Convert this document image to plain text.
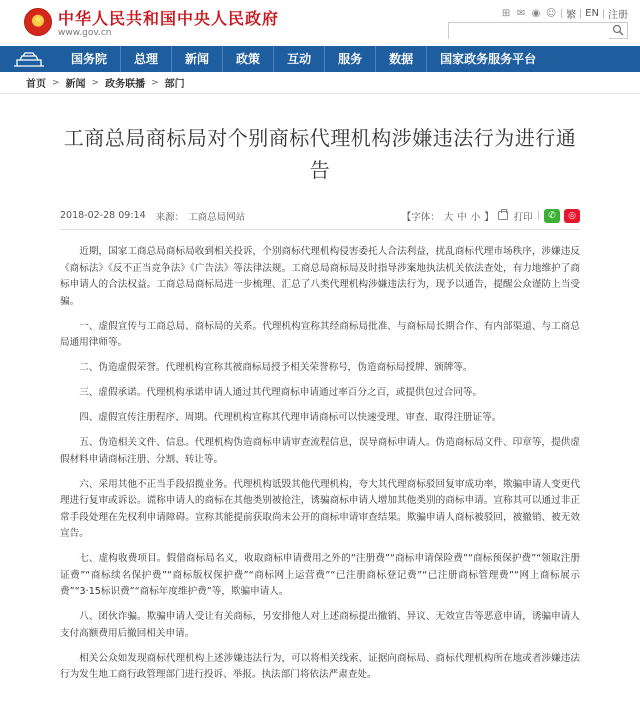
★
中华人民共和国中央人民政府
www.gov.cn
⊞ ✉ ◉ ☺ | 繁 | EN | 注册
国务院	总理	新闻	政策	互动	服务	数据	国家政务服务平台
首页 > 新闻 > 政务联播 > 部门
工商总局商标局对个别商标代理机构涉嫌违法行为进行通告
2018-02-28 09:14 来源： 工商总局网站	【字体： 大 中 小 】 打印 | ✆	◎

近期，国家工商总局商标局收到相关投诉，个别商标代理机构侵害委托人合法利益，扰乱商标代理市场秩序，涉嫌违反《商标法》《反不正当竞争法》《广告法》等法律法规。工商总局商标局及时指导涉案地执法机关依法查处，有力地维护了商标申请人的合法权益。工商总局商标局进一步梳理、汇总了八类代理机构涉嫌违法行为，现予以通告，提醒公众谨防上当受骗。

一、虚假宣传与工商总局、商标局的关系。代理机构宣称其经商标局批准、与商标局长期合作、有内部渠道、与工商总局通用律师等。

二、伪造虚假荣誉。代理机构宣称其被商标局授予相关荣誉称号，伪造商标局授牌、颁牌等。

三、虚假承诺。代理机构承诺申请人通过其代理商标申请通过率百分之百，或提供包过合同等。

四、虚假宣传注册程序、周期。代理机构宣称其代理申请商标可以快速受理、审查、取得注册证等。

五、伪造相关文件、信息。代理机构伪造商标申请审查流程信息，误导商标申请人。伪造商标局文件、印章等，提供虚假材料申请商标注册、分割、转让等。

六、采用其他不正当手段招揽业务。代理机构诋毁其他代理机构，夸大其代理商标驳回复审成功率，欺骗申请人变更代理进行复审或诉讼。谎称申请人的商标在其他类别被抢注，诱骗商标申请人增加其他类别的商标申请。宣称其可以通过非正常手段处理在先权利申请障碍。宣称其能提前获取尚未公开的商标申请审查结果。欺骗申请人商标被驳回，被撤销、被无效宣告。

七、虚构收费项目。假借商标局名义，收取商标申请费用之外的“注册费”“商标申请保险费”“商标预保护费”“领取注册证费”“商标续名保护费”“商标版权保护费”“商标网上运营费”“已注册商标登记费”“已注册商标管理费”“网上商标展示费”“3·15标识费”“商标年度维护费”等，欺骗申请人。

八、团伙诈骗。欺骗申请人受让有关商标，另安排他人对上述商标提出撤销、异议、无效宣告等恶意申请，诱骗申请人支付高额费用后撤回相关申请。

相关公众如发现商标代理机构上述涉嫌违法行为，可以将相关线索、证据向商标局、商标代理机构所在地或者涉嫌违法行为发生地工商行政管理部门进行投诉、举报。执法部门将依法严肃查处。
